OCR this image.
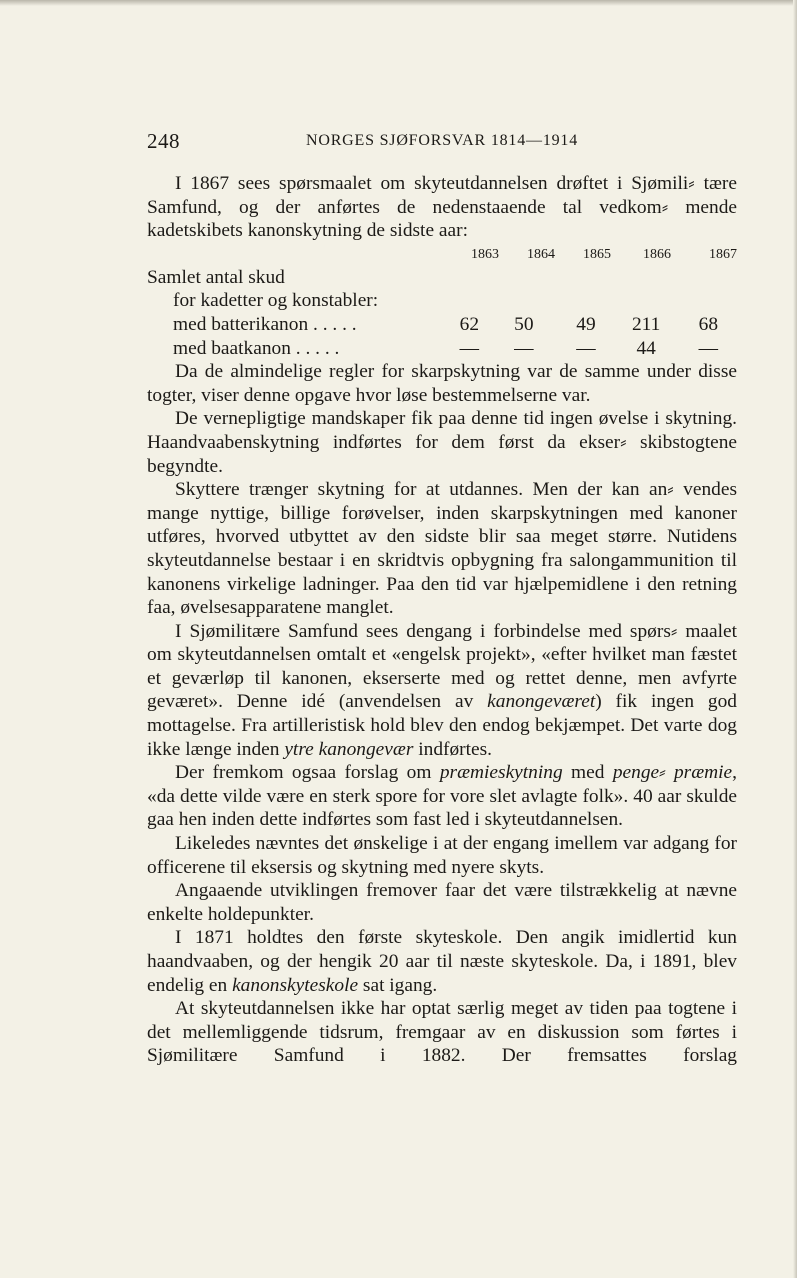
248	NORGES SJØFORSVAR 1814—1914

I 1867 sees spørsmaalet om skyteutdannelsen drøftet i Sjømili⸗ tære Samfund, og der anførtes de nedenstaaende tal vedkom⸗ mende kadetskibets kanonskytning de sidste aar:

1863	1864	1865	1866	1867
Samlet antal skud
for kadetter og konstabler:
med batterikanon . . . . .	62	50	49	211	68
med baatkanon . . . . .	—	—	—	44	—

Da de almindelige regler for skarpskytning var de samme under disse togter, viser denne opgave hvor løse bestemmelserne var.

De vernepligtige mandskaper fik paa denne tid ingen øvelse i skytning. Haandvaabenskytning indførtes for dem først da ekser⸗ skibstogtene begyndte.

Skyttere trænger skytning for at utdannes. Men der kan an⸗ vendes mange nyttige, billige forøvelser, inden skarpskytningen med kanoner utføres, hvorved utbyttet av den sidste blir saa meget større. Nutidens skyteutdannelse bestaar i en skridtvis opbygning fra salongammunition til kanonens virkelige ladninger. Paa den tid var hjælpemidlene i den retning faa, øvelsesapparatene manglet.

I Sjømilitære Samfund sees dengang i forbindelse med spørs⸗ maalet om skyteutdannelsen omtalt et «engelsk projekt», «efter hvilket man fæstet et geværløp til kanonen, ekserserte med og rettet denne, men avfyrte geværet». Denne idé (anvendelsen av kanongeværet) fik ingen god mottagelse. Fra artilleristisk hold blev den endog bekjæmpet. Det varte dog ikke længe inden ytre kanongevær indførtes.

Der fremkom ogsaa forslag om præmieskytning med penge⸗ præmie, «da dette vilde være en sterk spore for vore slet avlagte folk». 40 aar skulde gaa hen inden dette indførtes som fast led i skyteutdannelsen.

Likeledes nævntes det ønskelige i at der engang imellem var adgang for officerene til eksersis og skytning med nyere skyts.

Angaaende utviklingen fremover faar det være tilstrækkelig at nævne enkelte holdepunkter.

I 1871 holdtes den første skyteskole. Den angik imidlertid kun haandvaaben, og der hengik 20 aar til næste skyteskole. Da, i 1891, blev endelig en kanonskyteskole sat igang.

At skyteutdannelsen ikke har optat særlig meget av tiden paa togtene i det mellemliggende tidsrum, fremgaar av en diskussion som førtes i Sjømilitære Samfund i 1882. Der fremsattes forslag
